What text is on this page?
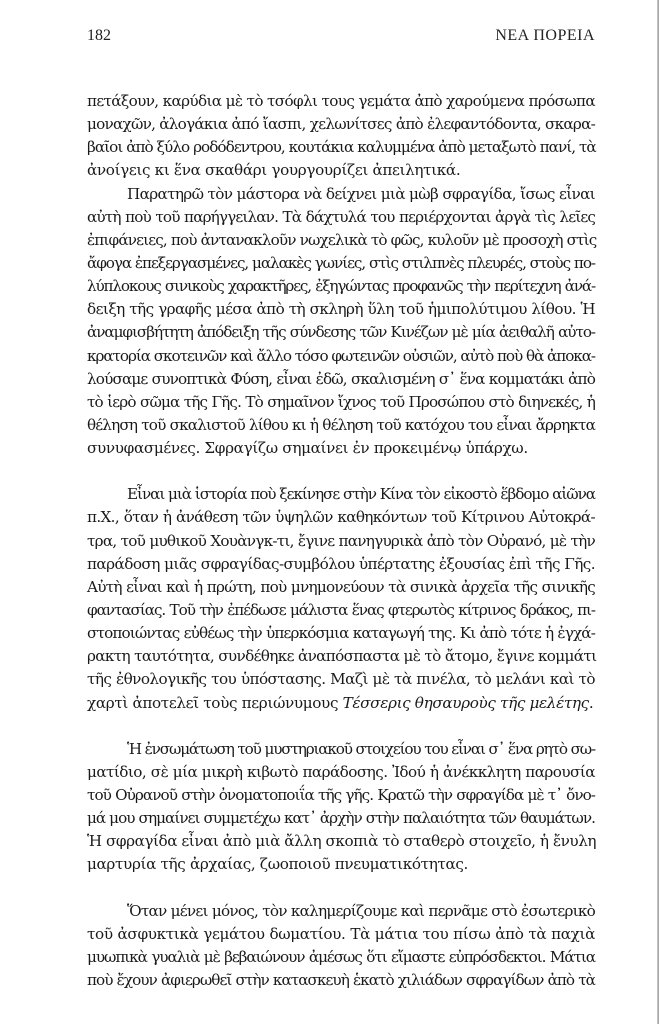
182	ΝΕΑ ΠΟΡΕΙΑ
πετάξουν, καρύδια μὲ τὸ τσόφλι τους γεμάτα ἀπὸ χαρούμενα πρόσωπα
μοναχῶν, ἀλογάκια ἀπό ἴασπι, χελωνίτσες ἀπὸ ἐλεφαντόδοντα, σκαρα-
βαῖοι ἀπὸ ξύλο ροδόδεντρου, κουτάκια καλυμμένα ἀπὸ μεταξωτὸ πανί, τὰ
ἀνοίγεις κι ἕνα σκαθάρι γουργουρίζει ἀπειλητικά.
Παρατηρῶ τὸν μάστορα νὰ δείχνει μιὰ μὼβ σφραγίδα, ἴσως εἶναι
αὐτὴ ποὺ τοῦ παρήγγειλαν. Τὰ δάχτυλά του περιέρχονται ἀργὰ τὶς λεῖες
ἐπιφάνειες, ποὺ ἀντανακλοῦν νωχελικὰ τὸ φῶς, κυλοῦν μὲ προσοχὴ στὶς
ἄφογα ἐπεξεργασμένες, μαλακὲς γωνίες, στὶς στιλπνὲς πλευρές, στοὺς πο-
λύπλοκους σινικοὺς χαρακτῆρες, ἐξηγώντας προφανῶς τὴν περίτεχνη ἀνά-
δειξη τῆς γραφῆς μέσα ἀπὸ τὴ σκληρὴ ὕλη τοῦ ἡμιπολύτιμου λίθου. Ἡ
ἀναμφισβήτητη ἀπόδειξη τῆς σύνδεσης τῶν Κινέζων μὲ μία ἀειθαλῆ αὐτο-
κρατορία σκοτεινῶν καὶ ἄλλο τόσο φωτεινῶν οὐσιῶν, αὐτὸ ποὺ θὰ ἀποκα-
λούσαμε συνοπτικὰ Φύση, εἶναι ἐδῶ, σκαλισμένη σ᾽ ἕνα κομματάκι ἀπὸ
τὸ ἱερὸ σῶμα τῆς Γῆς. Τὸ σημαῖνον ἴχνος τοῦ Προσώπου στὸ διηνεκές, ἡ
θέληση τοῦ σκαλιστοῦ λίθου κι ἡ θέληση τοῦ κατόχου του εἶναι ἄρρηκτα
συνυφασμένες. Σφραγίζω σημαίνει ἐν προκειμένῳ ὑπάρχω.
Εἶναι μιὰ ἱστορία ποὺ ξεκίνησε στὴν Κίνα τὸν εἰκοστὸ ἕβδομο αἰῶνα
π.Χ., ὅταν ἡ ἀνάθεση τῶν ὑψηλῶν καθηκόντων τοῦ Κίτρινου Αὐτοκρά-
τρα, τοῦ μυθικοῦ Χουὰνγκ-τι, ἔγινε πανηγυρικὰ ἀπὸ τὸν Οὐρανό, μὲ τὴν
παράδοση μιᾶς σφραγίδας-συμβόλου ὑπέρτατης ἐξουσίας ἐπὶ τῆς Γῆς.
Αὐτὴ εἶναι καὶ ἡ πρώτη, ποὺ μνημονεύουν τὰ σινικὰ ἀρχεῖα τῆς σινικῆς
φαντασίας. Τοῦ τὴν ἐπέδωσε μάλιστα ἕνας φτερωτὸς κίτρινος δράκος, πι-
στοποιώντας εὐθέως τὴν ὑπερκόσμια καταγωγή της. Κι ἀπὸ τότε ἡ ἐγχά-
ρακτη ταυτότητα, συνδέθηκε ἀναπόσπαστα μὲ τὸ ἄτομο, ἔγινε κομμάτι
τῆς ἐθνολογικῆς του ὑπόστασης. Μαζὶ μὲ τὰ πινέλα, τὸ μελάνι καὶ τὸ
χαρτὶ ἀποτελεῖ τοὺς περιώνυμους Τέσσερις θησαυροὺς τῆς μελέτης.
Ἡ ἐνσωμάτωση τοῦ μυστηριακοῦ στοιχείου του εἶναι σ᾽ ἕνα ρητὸ σω-
ματίδιο, σὲ μία μικρὴ κιβωτὸ παράδοσης. Ἰδού ἡ ἀνέκκλητη παρουσία
τοῦ Οὐρανοῦ στὴν ὀνοματοποιΐα τῆς γῆς. Κρατῶ τὴν σφραγίδα μὲ τ᾽ ὄνο-
μά μου σημαίνει συμμετέχω κατ᾽ ἀρχὴν στὴν παλαιότητα τῶν θαυμάτων.
Ἡ σφραγίδα εἶναι ἀπὸ μιὰ ἄλλη σκοπιὰ τὸ σταθερὸ στοιχεῖο, ἡ ἔνυλη
μαρτυρία τῆς ἀρχαίας, ζωοποιοῦ πνευματικότητας.
Ὅταν μένει μόνος, τὸν καλημερίζουμε καὶ περνᾶμε στὸ ἐσωτερικὸ
τοῦ ἀσφυκτικὰ γεμάτου δωματίου. Τὰ μάτια του πίσω ἀπὸ τὰ παχιὰ
μυωπικὰ γυαλιὰ μὲ βεβαιώνουν ἀμέσως ὅτι εἴμαστε εὐπρόσδεκτοι. Μάτια
ποὺ ἔχουν ἀφιερωθεῖ στὴν κατασκευὴ ἑκατὸ χιλιάδων σφραγίδων ἀπὸ τὰ
